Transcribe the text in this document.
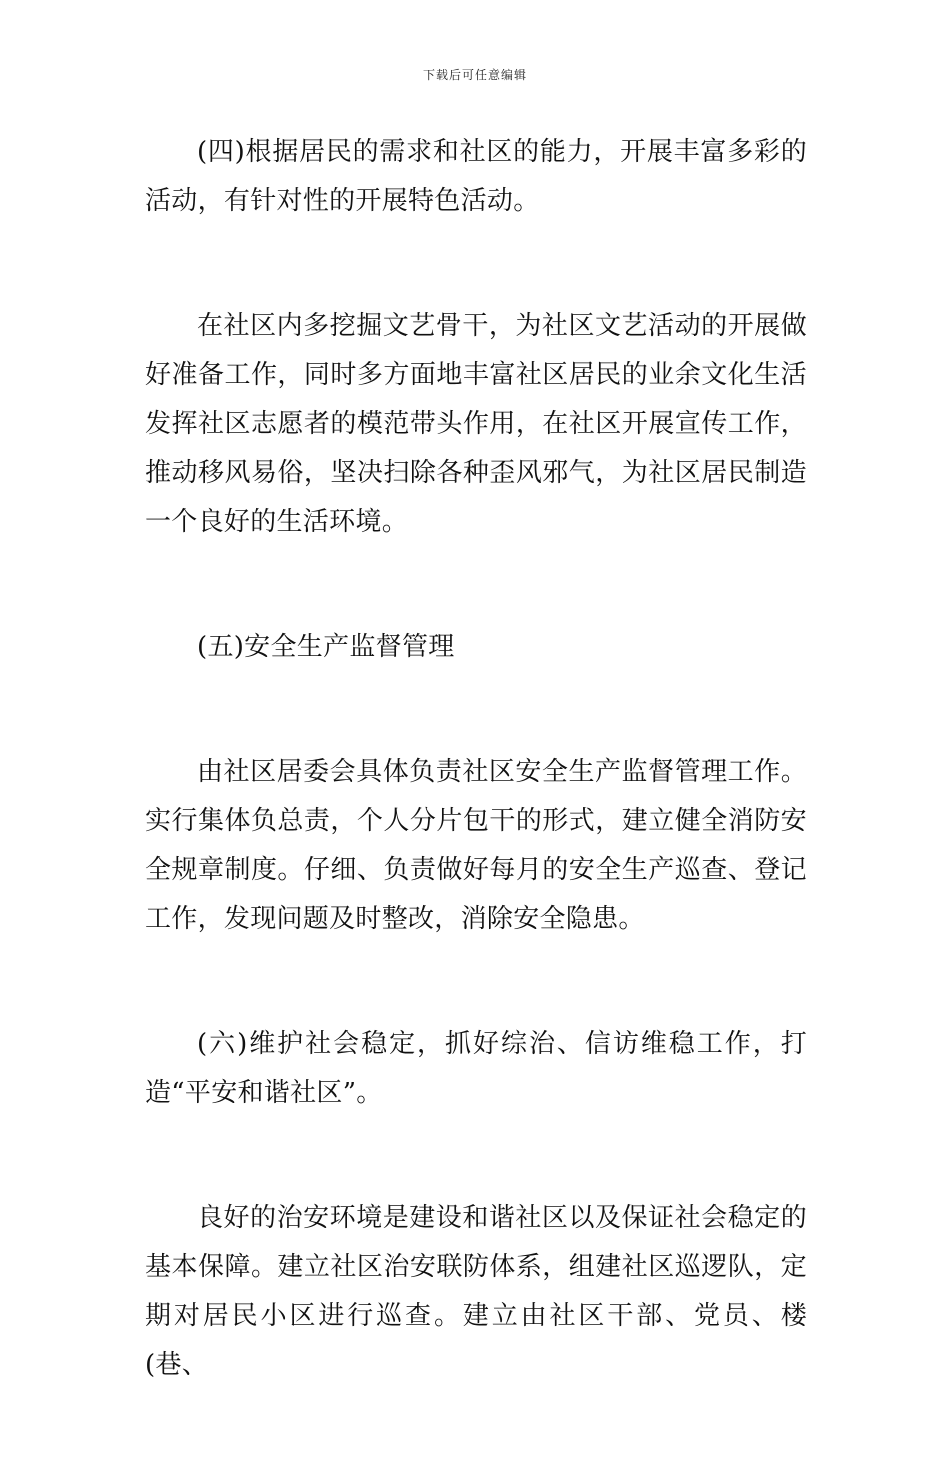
下载后可任意编辑

(四)根据居民的需求和社区的能力，开展丰富多彩的活动，有针对性的开展特色活动。

在社区内多挖掘文艺骨干，为社区文艺活动的开展做好准备工作，同时多方面地丰富社区居民的业余文化生活发挥社区志愿者的模范带头作用，在社区开展宣传工作，推动移风易俗，坚决扫除各种歪风邪气，为社区居民制造一个良好的生活环境。

(五)安全生产监督管理

由社区居委会具体负责社区安全生产监督管理工作。实行集体负总责，个人分片包干的形式，建立健全消防安全规章制度。仔细、负责做好每月的安全生产巡查、登记工作，发现问题及时整改，消除安全隐患。

(六)维护社会稳定，抓好综治、信访维稳工作，打造“平安和谐社区”。

良好的治安环境是建设和谐社区以及保证社会稳定的基本保障。建立社区治安联防体系，组建社区巡逻队，定期对居民小区进行巡查。建立由社区干部、党员、楼(巷、
